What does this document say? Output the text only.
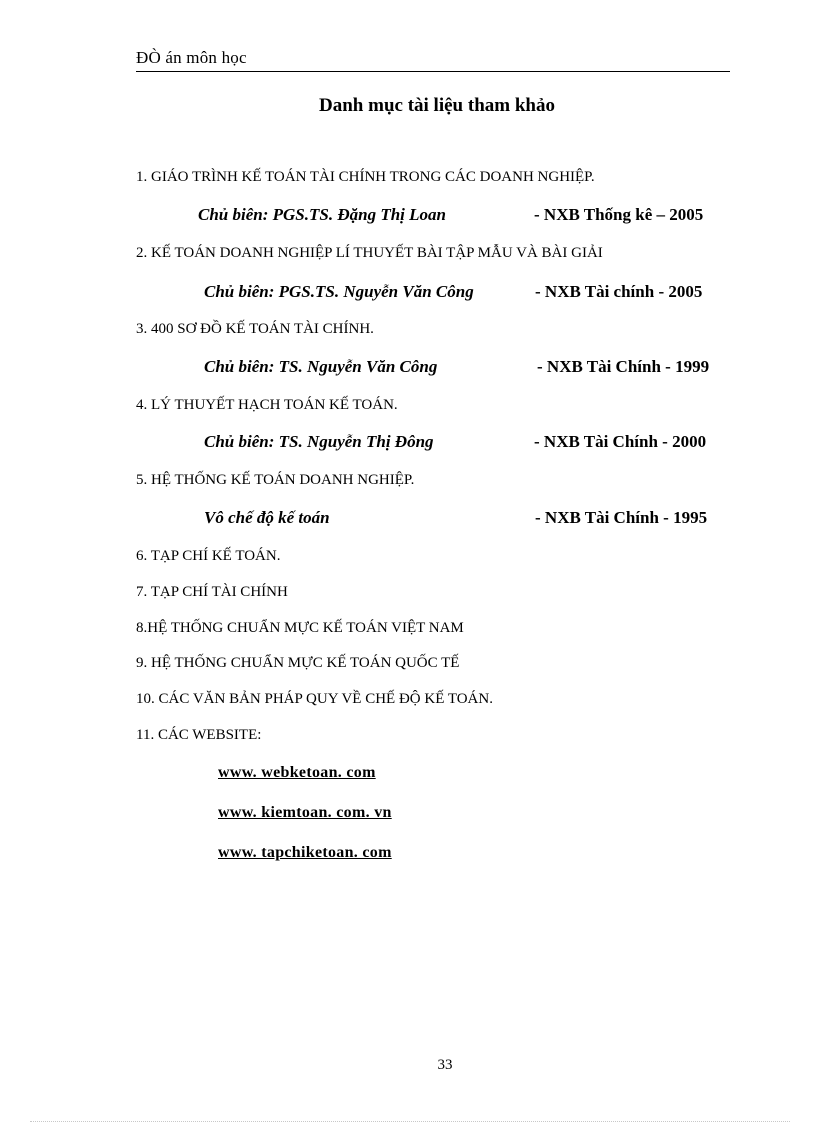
ĐÒ án môn học
Danh mục tài liệu tham khảo
1. GIÁO TRÌNH KẾ TOÁN TÀI CHÍNH TRONG CÁC DOANH NGHIỆP.
Chủ biên: PGS.TS. Đặng Thị Loan	- NXB Thống kê – 2005
2. KẾ TOÁN DOANH NGHIỆP LÍ THUYẾT BÀI TẬP MẪU VÀ BÀI GIẢI
Chủ biên: PGS.TS. Nguyễn Văn Công	- NXB Tài chính - 2005
3. 400 SƠ ĐỒ KẾ TOÁN TÀI CHÍNH.
Chủ biên: TS. Nguyễn Văn Công	- NXB Tài Chính - 1999
4. LÝ THUYẾT HẠCH TOÁN KẾ TOÁN.
Chủ biên: TS. Nguyễn Thị Đông	- NXB Tài Chính - 2000
5. HỆ THỐNG KẾ TOÁN DOANH NGHIỆP.
Vô chế độ kế toán	- NXB Tài Chính - 1995
6. TẠP CHÍ KẾ TOÁN.
7. TẠP CHÍ TÀI CHÍNH
8.HỆ THỐNG CHUẨN MỰC KẾ TOÁN VIỆT NAM
9. HỆ THỐNG CHUẨN MỰC KẾ TOÁN QUỐC TẾ
10. CÁC VĂN BẢN PHÁP QUY VỀ CHẾ ĐỘ KẾ TOÁN.
11. CÁC WEBSITE:
www. webketoan. com
www. kiemtoan. com. vn
www. tapchiketoan. com
33
